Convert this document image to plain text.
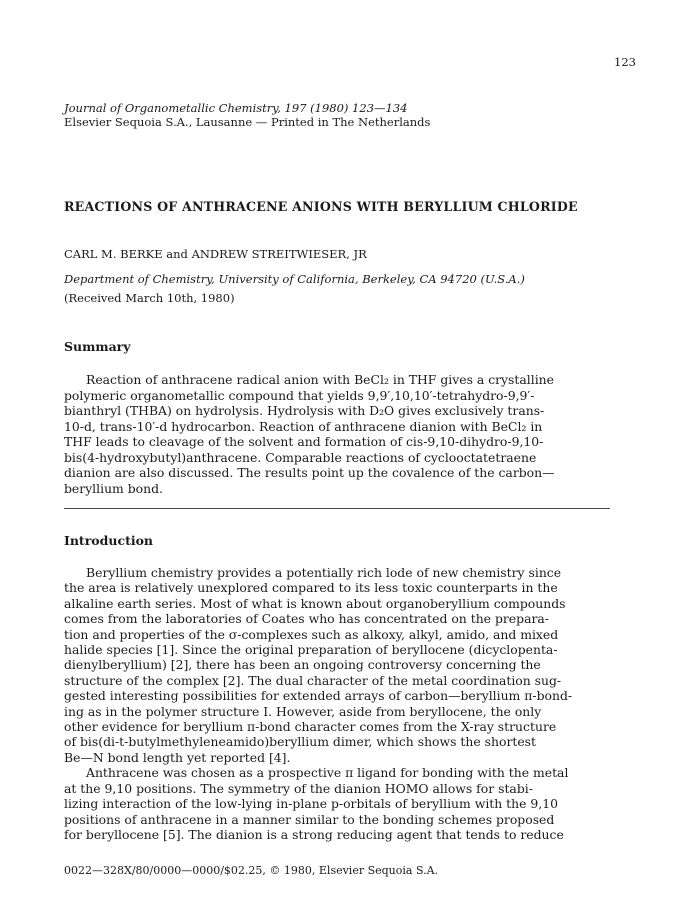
123
Journal of Organometallic Chemistry, 197 (1980) 123—134
Elsevier Sequoia S.A., Lausanne — Printed in The Netherlands
REACTIONS OF ANTHRACENE ANIONS WITH BERYLLIUM CHLORIDE
CARL M. BERKE and ANDREW STREITWIESER, JR
Department of Chemistry, University of California, Berkeley, CA 94720 (U.S.A.)
(Received March 10th, 1980)
Summary
Reaction of anthracene radical anion with BeCl₂ in THF gives a crystalline
polymeric organometallic compound that yields 9,9′,10,10′-tetrahydro-9,9′-
bianthryl (THBA) on hydrolysis. Hydrolysis with D₂O gives exclusively trans-
10-d, trans-10′-d hydrocarbon. Reaction of anthracene dianion with BeCl₂ in
THF leads to cleavage of the solvent and formation of cis-9,10-dihydro-9,10-
bis(4-hydroxybutyl)anthracene. Comparable reactions of cyclooctatetraene
dianion are also discussed. The results point up the covalence of the carbon—
beryllium bond.
Introduction
Beryllium chemistry provides a potentially rich lode of new chemistry since
the area is relatively unexplored compared to its less toxic counterparts in the
alkaline earth series. Most of what is known about organoberyllium compounds
comes from the laboratories of Coates who has concentrated on the prepara-
tion and properties of the σ-complexes such as alkoxy, alkyl, amido, and mixed
halide species [1]. Since the original preparation of beryllocene (dicyclopenta-
dienylberyllium) [2], there has been an ongoing controversy concerning the
structure of the complex [2]. The dual character of the metal coordination sug-
gested interesting possibilities for extended arrays of carbon—beryllium π-bond-
ing as in the polymer structure I. However, aside from beryllocene, the only
other evidence for beryllium π-bond character comes from the X-ray structure
of bis(di-t-butylmethyleneamido)beryllium dimer, which shows the shortest
Be—N bond length yet reported [4].
Anthracene was chosen as a prospective π ligand for bonding with the metal
at the 9,10 positions. The symmetry of the dianion HOMO allows for stabi-
lizing interaction of the low-lying in-plane p-orbitals of beryllium with the 9,10
positions of anthracene in a manner similar to the bonding schemes proposed
for beryllocene [5]. The dianion is a strong reducing agent that tends to reduce
0022—328X/80/0000—0000/$02.25, © 1980, Elsevier Sequoia S.A.
